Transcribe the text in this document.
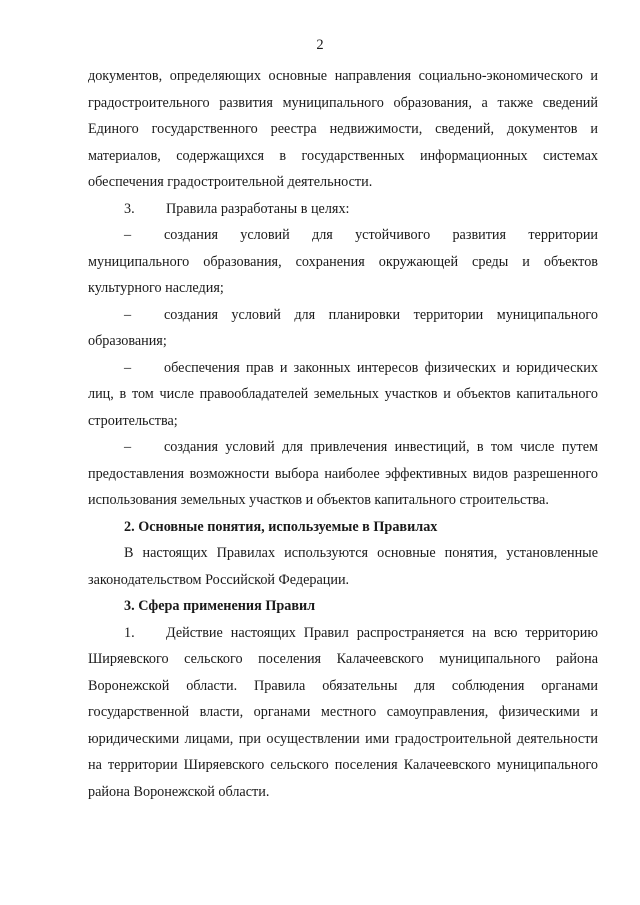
2

документов, определяющих основные направления социально-экономического и градостроительного развития муниципального образования, а также сведений Единого государственного реестра недвижимости, сведений, документов и материалов, содержащихся в государственных информационных системах обеспечения градостроительной деятельности.

3. Правила разработаны в целях:

– создания условий для устойчивого развития территории муниципального образования, сохранения окружающей среды и объектов культурного наследия;

– создания условий для планировки территории муниципального образования;

– обеспечения прав и законных интересов физических и юридических лиц, в том числе правообладателей земельных участков и объектов капитального строительства;

– создания условий для привлечения инвестиций, в том числе путем предоставления возможности выбора наиболее эффективных видов разрешенного использования земельных участков и объектов капитального строительства.

2. Основные понятия, используемые в Правилах

В настоящих Правилах используются основные понятия, установленные законодательством Российской Федерации.

3. Сфера применения Правил

1. Действие настоящих Правил распространяется на всю территорию Ширяевского сельского поселения Калачеевского муниципального района Воронежской области. Правила обязательны для соблюдения органами государственной власти, органами местного самоуправления, физическими и юридическими лицами, при осуществлении ими градостроительной деятельности на территории Ширяевского сельского поселения Калачеевского муниципального района Воронежской области.
